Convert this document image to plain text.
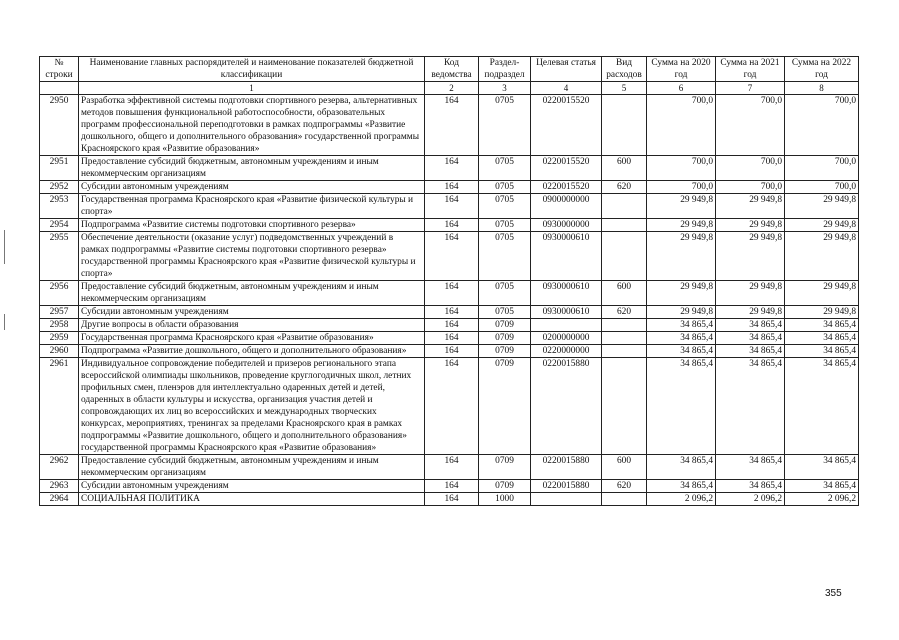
№ строки	Наименование главных распорядителей и наименование показателей бюджетной классификации	Код ведомства	Раздел-подраздел	Целевая статья	Вид расходов	Сумма на 2020 год	Сумма на 2021 год	Сумма на 2022 год
	1	2	3	4	5	6	7	8
2950	Разработка эффективной системы подготовки спортивного резерва, альтернативных методов повышения функциональной работоспособности, образовательных программ профессиональной переподготовки в рамках подпрограммы «Развитие дошкольного, общего и дополнительного образования» государственной программы Красноярского края «Развитие образования»	164	0705	0220015520		700,0	700,0	700,0
2951	Предоставление субсидий бюджетным, автономным учреждениям и иным некоммерческим организациям	164	0705	0220015520	600	700,0	700,0	700,0
2952	Субсидии автономным учреждениям	164	0705	0220015520	620	700,0	700,0	700,0
2953	Государственная программа Красноярского края «Развитие физической культуры и спорта»	164	0705	0900000000		29 949,8	29 949,8	29 949,8
2954	Подпрограмма «Развитие системы подготовки спортивного резерва»	164	0705	0930000000		29 949,8	29 949,8	29 949,8
2955	Обеспечение деятельности (оказание услуг) подведомственных учреждений в рамках подпрограммы «Развитие системы подготовки спортивного резерва» государственной программы Красноярского края «Развитие физической культуры и спорта»	164	0705	0930000610		29 949,8	29 949,8	29 949,8
2956	Предоставление субсидий бюджетным, автономным учреждениям и иным некоммерческим организациям	164	0705	0930000610	600	29 949,8	29 949,8	29 949,8
2957	Субсидии автономным учреждениям	164	0705	0930000610	620	29 949,8	29 949,8	29 949,8
2958	Другие вопросы в области образования	164	0709			34 865,4	34 865,4	34 865,4
2959	Государственная программа Красноярского края «Развитие образования»	164	0709	0200000000		34 865,4	34 865,4	34 865,4
2960	Подпрограмма «Развитие дошкольного, общего и дополнительного образования»	164	0709	0220000000		34 865,4	34 865,4	34 865,4
2961	Индивидуальное сопровождение победителей и призеров регионального этапа всероссийской олимпиады школьников, проведение круглогодичных школ, летних профильных смен, пленэров для интеллектуально одаренных детей и детей, одаренных в области культуры и искусства, организация участия детей и сопровождающих их лиц во всероссийских и международных творческих конкурсах, мероприятиях, тренингах за пределами Красноярского края в рамках подпрограммы «Развитие дошкольного, общего и дополнительного образования» государственной программы Красноярского края «Развитие образования»	164	0709	0220015880		34 865,4	34 865,4	34 865,4
2962	Предоставление субсидий бюджетным, автономным учреждениям и иным некоммерческим организациям	164	0709	0220015880	600	34 865,4	34 865,4	34 865,4
2963	Субсидии автономным учреждениям	164	0709	0220015880	620	34 865,4	34 865,4	34 865,4
2964	СОЦИАЛЬНАЯ ПОЛИТИКА	164	1000			2 096,2	2 096,2	2 096,2
355
